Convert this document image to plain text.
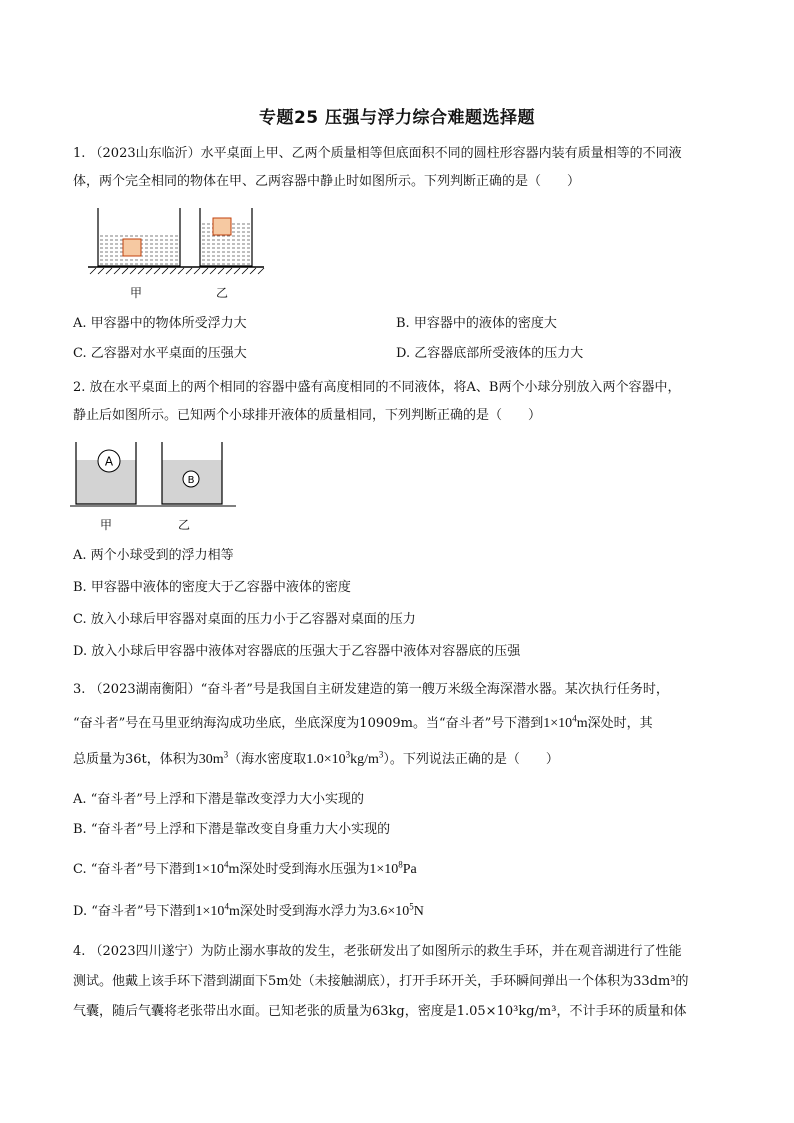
专题25 压强与浮力综合难题选择题
1. （2023山东临沂）水平桌面上甲、乙两个质量相等但底面积不同的圆柱形容器内装有质量相等的不同液
体，两个完全相同的物体在甲、乙两容器中静止时如图所示。下列判断正确的是（　　）
甲	乙
A. 甲容器中的物体所受浮力大	B. 甲容器中的液体的密度大
C. 乙容器对水平桌面的压强大	D. 乙容器底部所受液体的压力大
2. 放在水平桌面上的两个相同的容器中盛有高度相同的不同液体，将A、B两个小球分别放入两个容器中，
静止后如图所示。已知两个小球排开液体的质量相同，下列判断正确的是（　　）
A
B
甲	乙
A. 两个小球受到的浮力相等
B. 甲容器中液体的密度大于乙容器中液体的密度
C. 放入小球后甲容器对桌面的压力小于乙容器对桌面的压力
D. 放入小球后甲容器中液体对容器底的压强大于乙容器中液体对容器底的压强
3. （2023湖南衡阳）“奋斗者”号是我国自主研发建造的第一艘万米级全海深潜水器。某次执行任务时，
“奋斗者”号在马里亚纳海沟成功坐底，坐底深度为10909m。当“奋斗者”号下潜到$1\times 10^4m$深处时，其
总质量为36t，体积为$30m^3$（海水密度取$1.0\times 10^3kg/m^3$）。下列说法正确的是（　　）
A. “奋斗者”号上浮和下潜是靠改变浮力大小实现的
B. “奋斗者”号上浮和下潜是靠改变自身重力大小实现的
C. “奋斗者”号下潜到$1\times 10^4m$深处时受到海水压强为$1\times 10^8Pa$
D. “奋斗者”号下潜到$1\times 10^4m$深处时受到海水浮力为$3.6\times 10^5N$
4. （2023四川遂宁）为防止溺水事故的发生，老张研发出了如图所示的救生手环，并在观音湖进行了性能
测试。他戴上该手环下潜到湖面下5m处（未接触湖底），打开手环开关，手环瞬间弹出一个体积为33dm³的
气囊，随后气囊将老张带出水面。已知老张的质量为63kg，密度是1.05×10³kg/m³，不计手环的质量和体
